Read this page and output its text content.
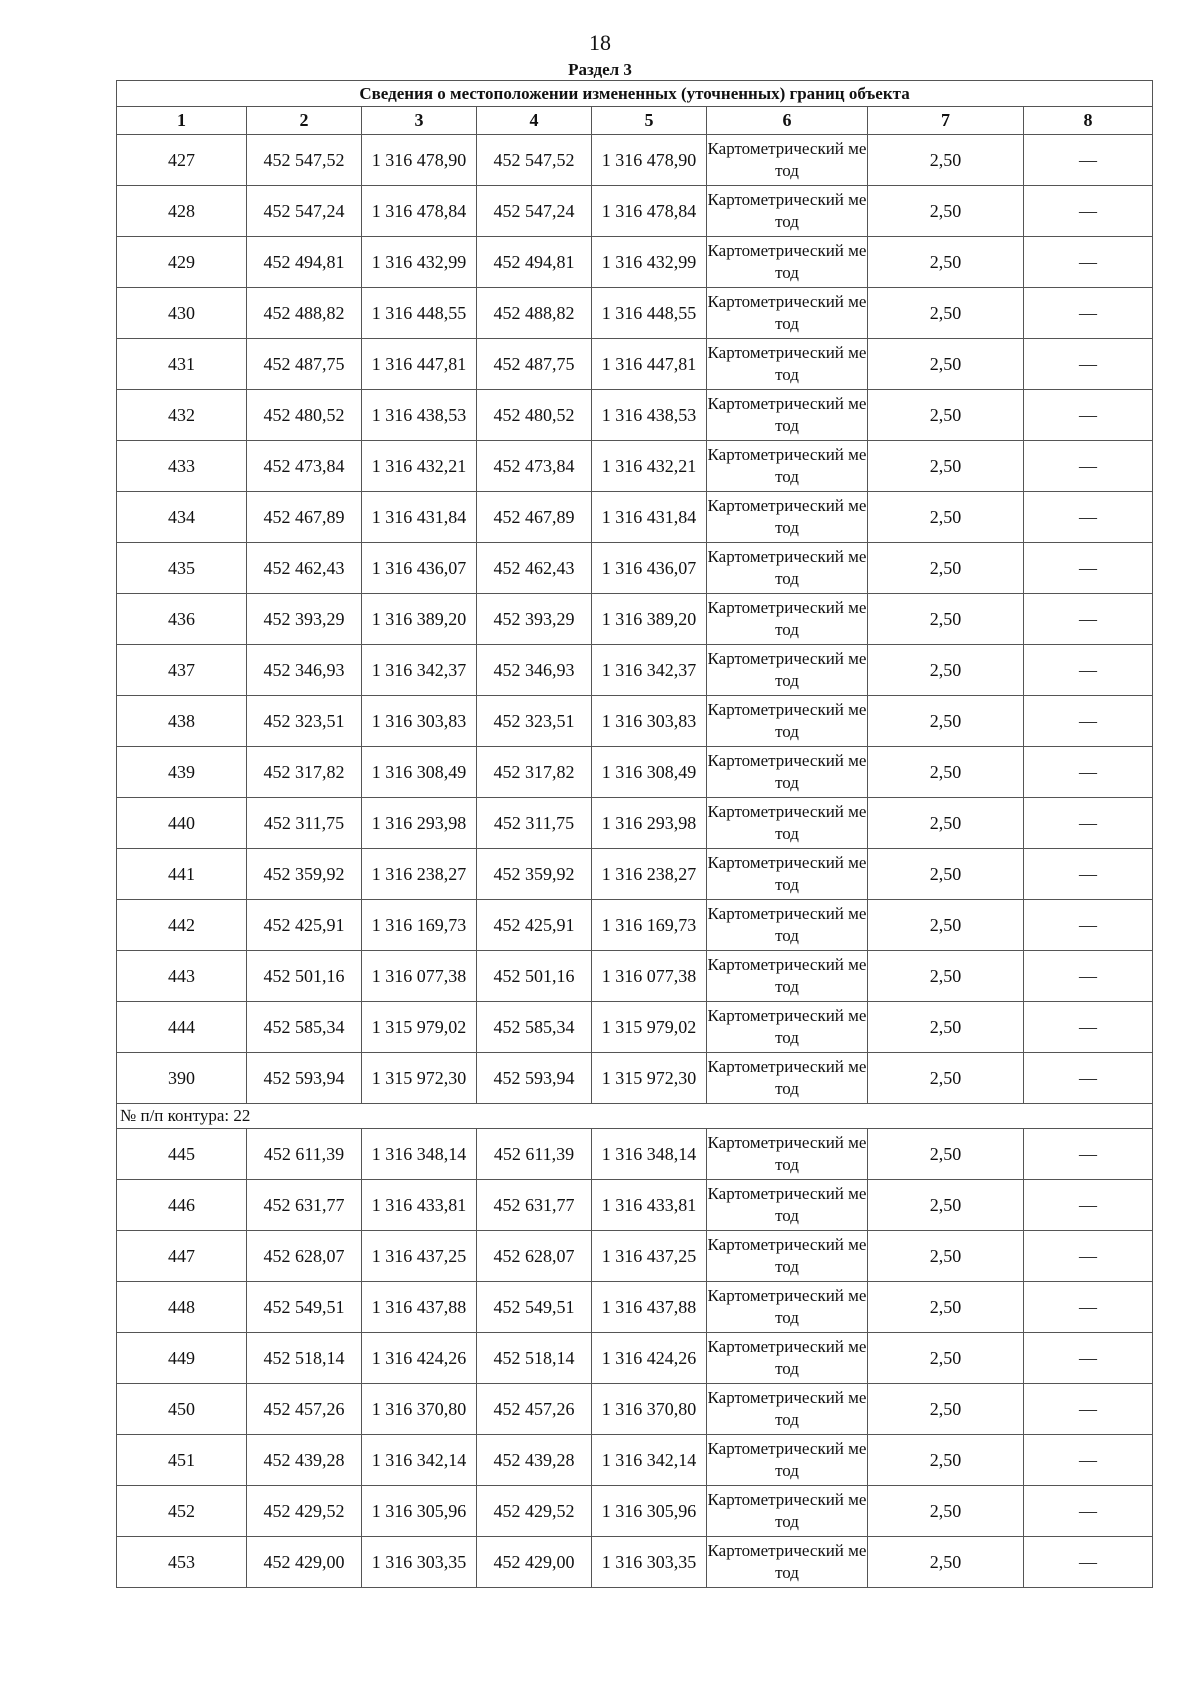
18
Раздел 3
Сведения о местоположении измененных (уточненных) границ объекта							
1	2	3	4	5	6	7	8
427	452 547,52	1 316 478,90	452 547,52	1 316 478,90	Картометрический метод	2,50	—
428	452 547,24	1 316 478,84	452 547,24	1 316 478,84	Картометрический метод	2,50	—
429	452 494,81	1 316 432,99	452 494,81	1 316 432,99	Картометрический метод	2,50	—
430	452 488,82	1 316 448,55	452 488,82	1 316 448,55	Картометрический метод	2,50	—
431	452 487,75	1 316 447,81	452 487,75	1 316 447,81	Картометрический метод	2,50	—
432	452 480,52	1 316 438,53	452 480,52	1 316 438,53	Картометрический метод	2,50	—
433	452 473,84	1 316 432,21	452 473,84	1 316 432,21	Картометрический метод	2,50	—
434	452 467,89	1 316 431,84	452 467,89	1 316 431,84	Картометрический метод	2,50	—
435	452 462,43	1 316 436,07	452 462,43	1 316 436,07	Картометрический метод	2,50	—
436	452 393,29	1 316 389,20	452 393,29	1 316 389,20	Картометрический метод	2,50	—
437	452 346,93	1 316 342,37	452 346,93	1 316 342,37	Картометрический метод	2,50	—
438	452 323,51	1 316 303,83	452 323,51	1 316 303,83	Картометрический метод	2,50	—
439	452 317,82	1 316 308,49	452 317,82	1 316 308,49	Картометрический метод	2,50	—
440	452 311,75	1 316 293,98	452 311,75	1 316 293,98	Картометрический метод	2,50	—
441	452 359,92	1 316 238,27	452 359,92	1 316 238,27	Картометрический метод	2,50	—
442	452 425,91	1 316 169,73	452 425,91	1 316 169,73	Картометрический метод	2,50	—
443	452 501,16	1 316 077,38	452 501,16	1 316 077,38	Картометрический метод	2,50	—
444	452 585,34	1 315 979,02	452 585,34	1 315 979,02	Картометрический метод	2,50	—
390	452 593,94	1 315 972,30	452 593,94	1 315 972,30	Картометрический метод	2,50	—
№ п/п контура: 22							
445	452 611,39	1 316 348,14	452 611,39	1 316 348,14	Картометрический метод	2,50	—
446	452 631,77	1 316 433,81	452 631,77	1 316 433,81	Картометрический метод	2,50	—
447	452 628,07	1 316 437,25	452 628,07	1 316 437,25	Картометрический метод	2,50	—
448	452 549,51	1 316 437,88	452 549,51	1 316 437,88	Картометрический метод	2,50	—
449	452 518,14	1 316 424,26	452 518,14	1 316 424,26	Картометрический метод	2,50	—
450	452 457,26	1 316 370,80	452 457,26	1 316 370,80	Картометрический метод	2,50	—
451	452 439,28	1 316 342,14	452 439,28	1 316 342,14	Картометрический метод	2,50	—
452	452 429,52	1 316 305,96	452 429,52	1 316 305,96	Картометрический метод	2,50	—
453	452 429,00	1 316 303,35	452 429,00	1 316 303,35	Картометрический метод	2,50	—
